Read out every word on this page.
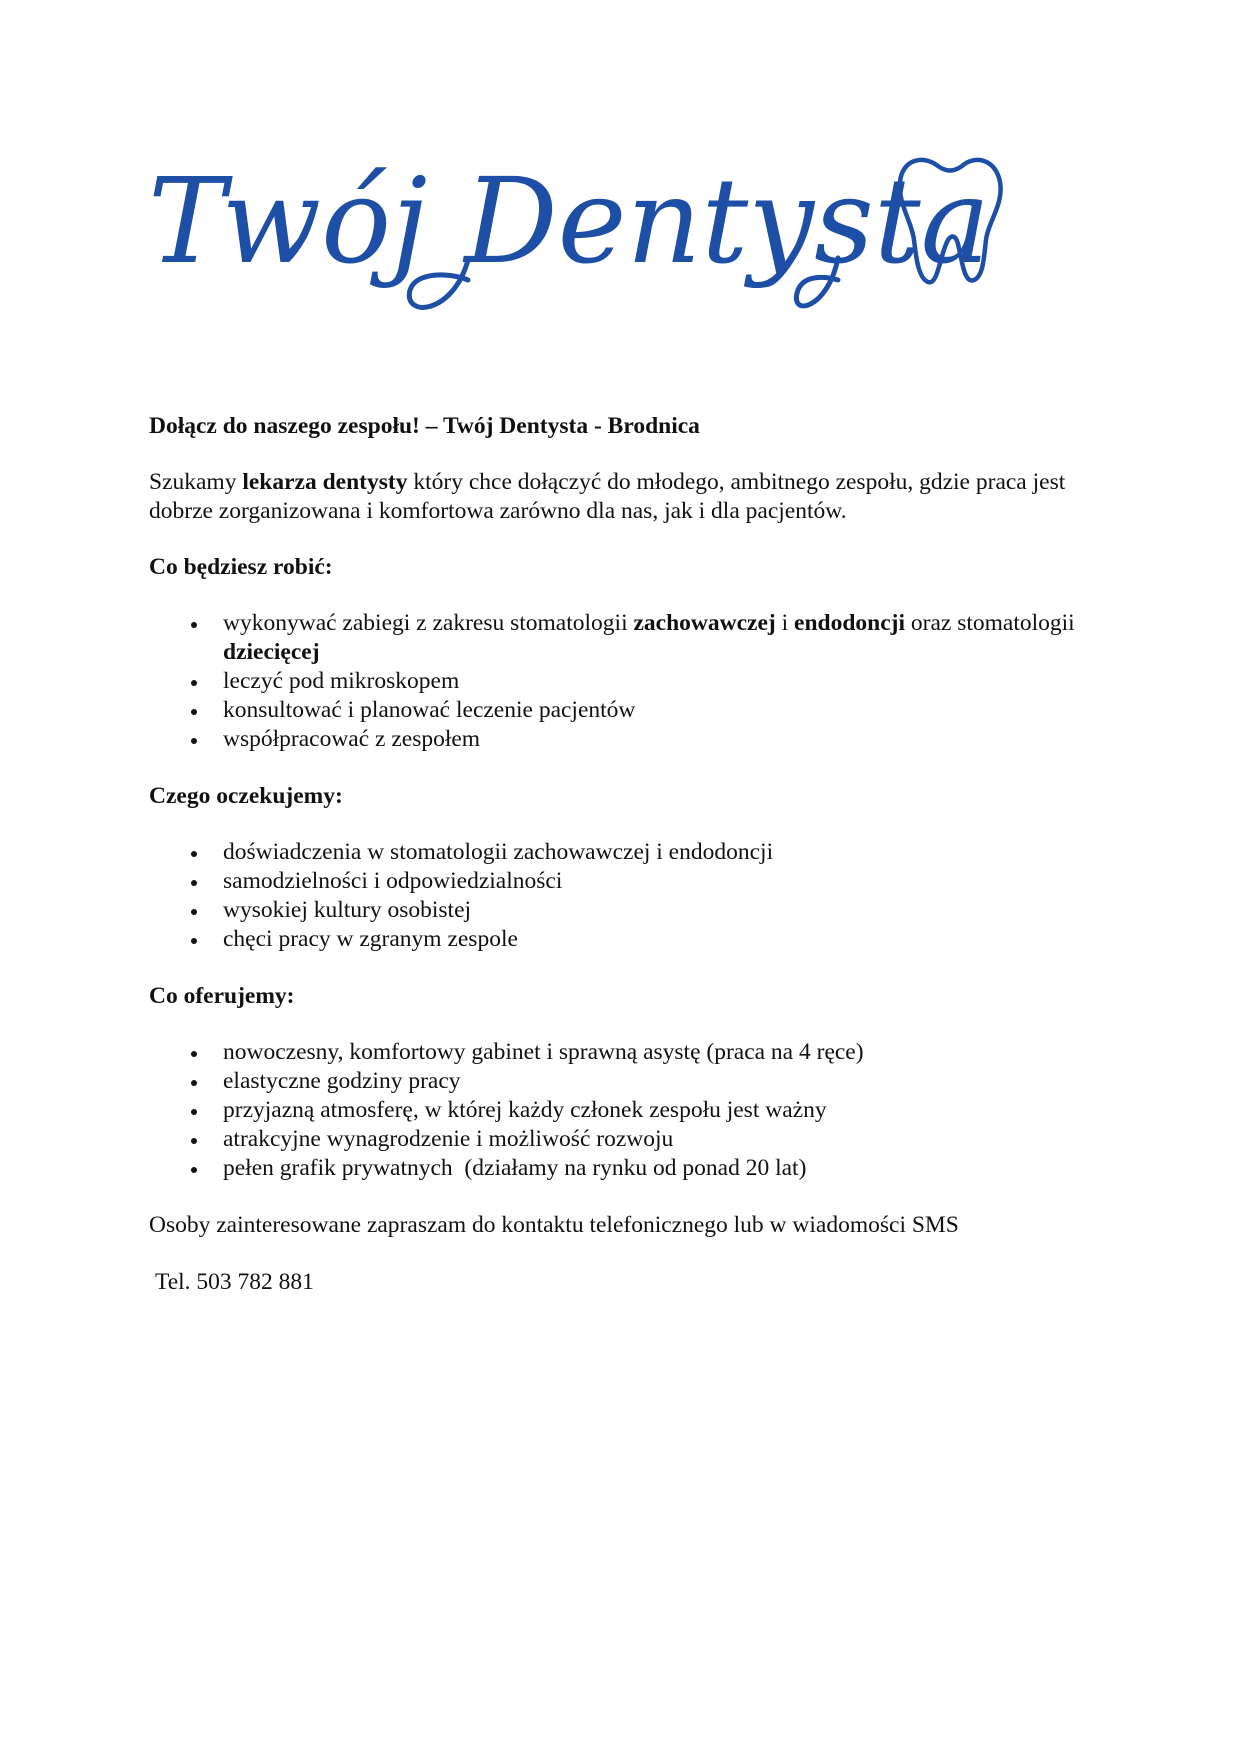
Twój Dentysta

Dołącz do naszego zespołu! – Twój Dentysta - Brodnica

Szukamy lekarza dentysty który chce dołączyć do młodego, ambitnego zespołu, gdzie praca jest dobrze zorganizowana i komfortowa zarówno dla nas, jak i dla pacjentów.

Co będziesz robić:

wykonywać zabiegi z zakresu stomatologii zachowawczej i endodoncji oraz stomatologii dziecięcej
leczyć pod mikroskopem
konsultować i planować leczenie pacjentów
współpracować z zespołem

Czego oczekujemy:

doświadczenia w stomatologii zachowawczej i endodoncji
samodzielności i odpowiedzialności
wysokiej kultury osobistej
chęci pracy w zgranym zespole

Co oferujemy:

nowoczesny, komfortowy gabinet i sprawną asystę (praca na 4 ręce)
elastyczne godziny pracy
przyjazną atmosferę, w której każdy członek zespołu jest ważny
atrakcyjne wynagrodzenie i możliwość rozwoju
pełen grafik prywatnych  (działamy na rynku od ponad 20 lat)

Osoby zainteresowane zapraszam do kontaktu telefonicznego lub w wiadomości SMS

Tel. 503 782 881
